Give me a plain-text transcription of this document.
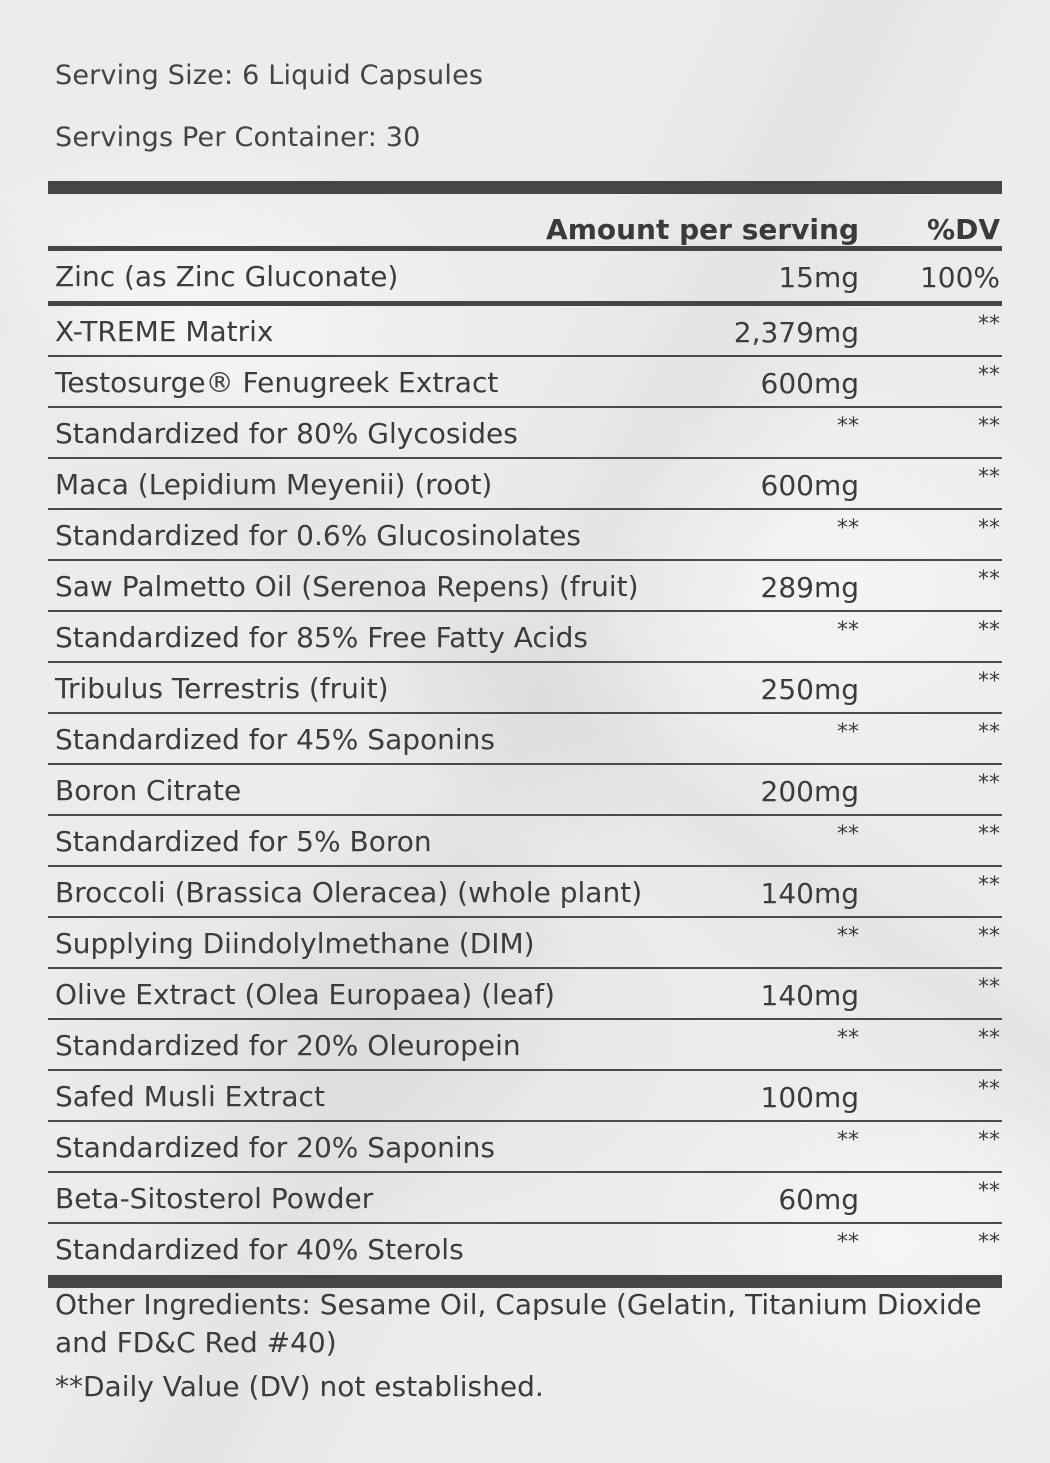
Serving Size: 6 Liquid Capsules
Servings Per Container: 30
Amount per serving %DV
Zinc (as Zinc Gluconate)	15mg 100%
X-TREME Matrix	2,379mg	**
Testosurge® Fenugreek Extract	600mg	**
Standardized for 80% Glycosides	**	**
Maca (Lepidium Meyenii) (root)	600mg	**
Standardized for 0.6% Glucosinolates	**	**
Saw Palmetto Oil (Serenoa Repens) (fruit)	289mg	**
Standardized for 85% Free Fatty Acids	**	**
Tribulus Terrestris (fruit)	250mg	**
Standardized for 45% Saponins	**	**
Boron Citrate	200mg	**
Standardized for 5% Boron	**	**
Broccoli (Brassica Oleracea) (whole plant)	140mg	**
Supplying Diindolylmethane (DIM)	**	**
Olive Extract (Olea Europaea) (leaf)	140mg	**
Standardized for 20% Oleuropein	**	**
Safed Musli Extract	100mg	**
Standardized for 20% Saponins	**	**
Beta-Sitosterol Powder	60mg	**
Standardized for 40% Sterols	**	**
Other Ingredients: Sesame Oil, Capsule (Gelatin, Titanium Dioxide and FD&C Red #40)
**Daily Value (DV) not established.
